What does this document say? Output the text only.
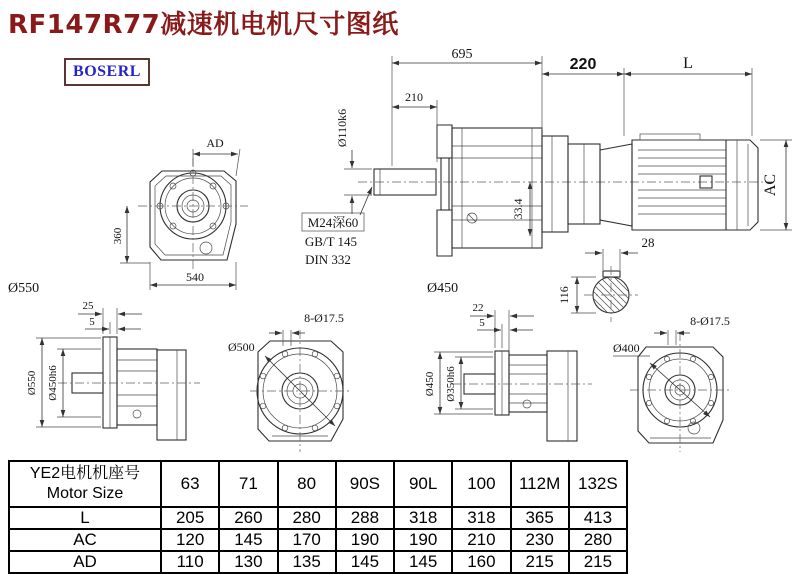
RF147R77减速机电机尺寸图纸
BOSERL
AD
360
540
Ø550	Ø450
695
220	L
210
Ø110k6
M24深60
GB/T 145
DIN 332
33.4
AC
28
116
25
5
Ø550 Ø450h6
Ø500
8-Ø17.5
22
5
Ø450 Ø350h6
Ø400
8-Ø17.5
YE2电机机座号
Motor Size	63	71	80	90S	90L	100	112M	132S
L	205	260	280	288	318	318	365	413
AC	120	145	170	190	190	210	230	280
AD	110	130	135	145	145	160	215	215
